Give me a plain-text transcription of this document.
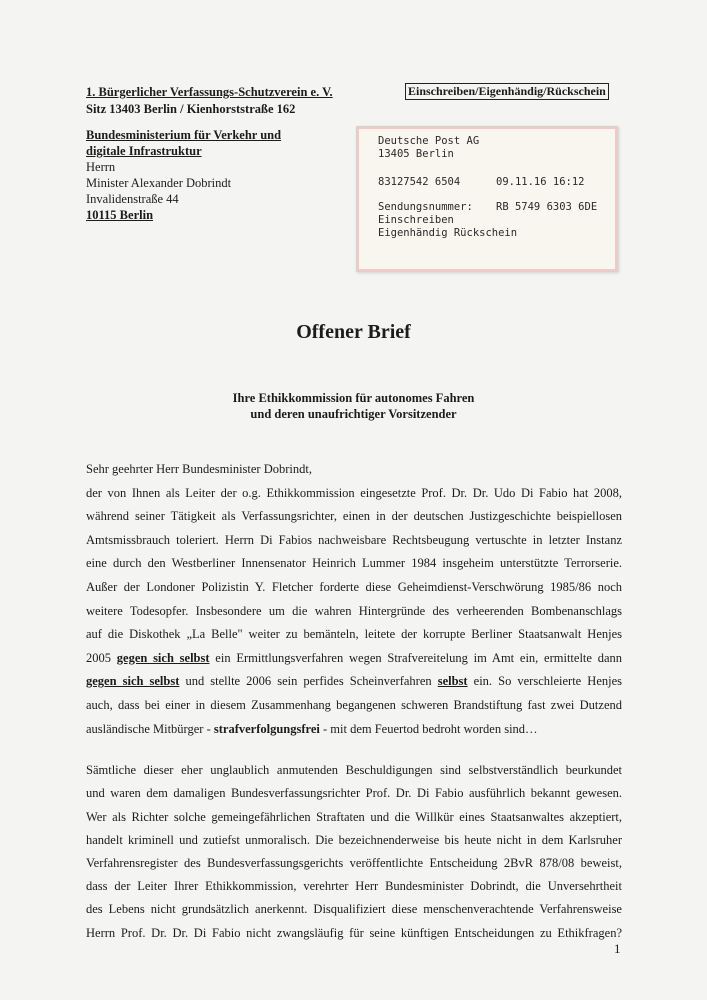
1. Bürgerlicher Verfassungs-Schutzverein e. V.
Sitz 13403 Berlin / Kienhorststraße 162
Einschreiben/Eigenhändig/Rückschein
Bundesministerium für Verkehr und
digitale Infrastruktur
Herrn
Minister Alexander Dobrindt
Invalidenstraße 44
10115 Berlin
Deutsche Post AG
13405 Berlin
83127542 6504	09.11.16 16:12
Sendungsnummer: RB 5749 6303 6DE
Einschreiben
Eigenhändig Rückschein
Offener Brief
Ihre Ethikkommission für autonomes Fahren
und deren unaufrichtiger Vorsitzender
Sehr geehrter Herr Bundesminister Dobrindt,
der von Ihnen als Leiter der o.g. Ethikkommission eingesetzte Prof. Dr. Dr. Udo Di Fabio hat 2008,
während seiner Tätigkeit als Verfassungsrichter, einen in der deutschen Justizgeschichte beispiellosen
Amtsmissbrauch toleriert. Herrn Di Fabios nachweisbare Rechtsbeugung vertuschte in letzter Instanz
eine durch den Westberliner Innensenator Heinrich Lummer 1984 insgeheim unterstützte Terrorserie.
Außer der Londoner Polizistin Y. Fletcher forderte diese Geheimdienst-Verschwörung 1985/86 noch
weitere Todesopfer. Insbesondere um die wahren Hintergründe des verheerenden Bombenanschlags
auf die Diskothek „La Belle" weiter zu bemänteln, leitete der korrupte Berliner Staatsanwalt Henjes
2005 gegen sich selbst ein Ermittlungsverfahren wegen Strafvereitelung im Amt ein, ermittelte dann
gegen sich selbst und stellte 2006 sein perfides Scheinverfahren selbst ein. So verschleierte Henjes
auch, dass bei einer in diesem Zusammenhang begangenen schweren Brandstiftung fast zwei Dutzend
ausländische Mitbürger - strafverfolgungsfrei - mit dem Feuertod bedroht worden sind…
Sämtliche dieser eher unglaublich anmutenden Beschuldigungen sind selbstverständlich beurkundet
und waren dem damaligen Bundesverfassungsrichter Prof. Dr. Di Fabio ausführlich bekannt gewesen.
Wer als Richter solche gemeingefährlichen Straftaten und die Willkür eines Staatsanwaltes akzeptiert,
handelt kriminell und zutiefst unmoralisch. Die bezeichnenderweise bis heute nicht in dem Karlsruher
Verfahrensregister des Bundesverfassungsgerichts veröffentlichte Entscheidung 2BvR 878/08 beweist,
dass der Leiter Ihrer Ethikkommission, verehrter Herr Bundesminister Dobrindt, die Unversehrtheit
des Lebens nicht grundsätzlich anerkennt. Disqualifiziert diese menschenverachtende Verfahrensweise
Herrn Prof. Dr. Dr. Di Fabio nicht zwangsläufig für seine künftigen Entscheidungen zu Ethikfragen?
1
